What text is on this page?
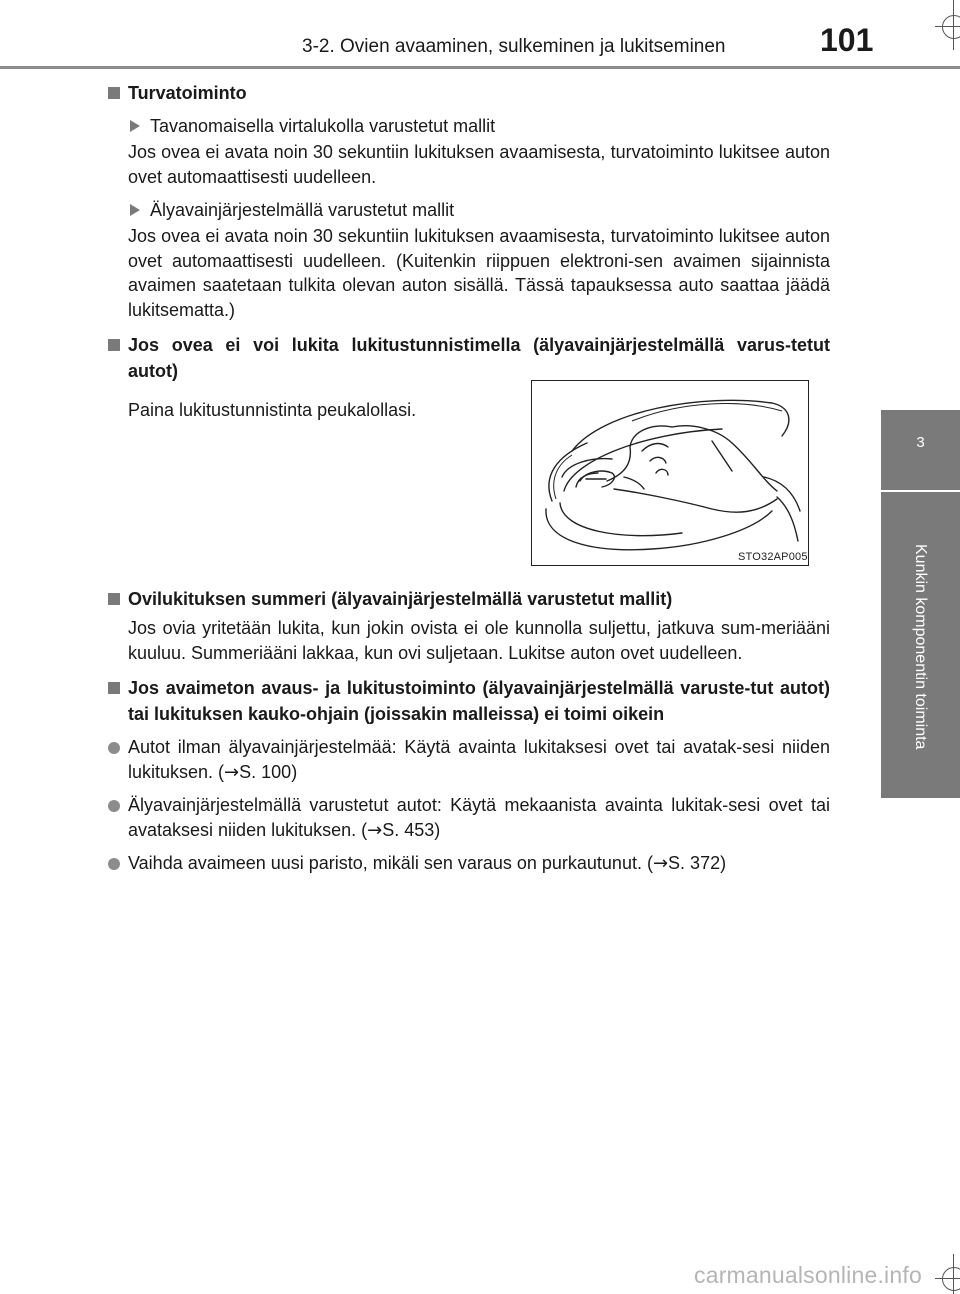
3-2. Ovien avaaminen, sulkeminen ja lukitseminen	101
3
Kunkin komponentin toiminta

Turvatoiminto

Tavanomaisella virtalukolla varustetut mallit

Jos ovea ei avata noin 30 sekuntiin lukituksen avaamisesta, turvatoiminto lukitsee auton ovet automaattisesti uudelleen.

Älyavainjärjestelmällä varustetut mallit

Jos ovea ei avata noin 30 sekuntiin lukituksen avaamisesta, turvatoiminto lukitsee auton ovet automaattisesti uudelleen. (Kuitenkin riippuen elektroni-sen avaimen sijainnista avaimen saatetaan tulkita olevan auton sisällä. Tässä tapauksessa auto saattaa jäädä lukitsematta.)

Jos ovea ei voi lukita lukitustunnistimella (älyavainjärjestelmällä varus-tetut autot)

Paina lukitustunnistinta peukalollasi.

STO32AP005

Ovilukituksen summeri (älyavainjärjestelmällä varustetut mallit)

Jos ovia yritetään lukita, kun jokin ovista ei ole kunnolla suljettu, jatkuva sum-meriääni kuuluu. Summeriääni lakkaa, kun ovi suljetaan. Lukitse auton ovet uudelleen.

Jos avaimeton avaus- ja lukitustoiminto (älyavainjärjestelmällä varuste-tut autot) tai lukituksen kauko-ohjain (joissakin malleissa) ei toimi oikein

Autot ilman älyavainjärjestelmää: Käytä avainta lukitaksesi ovet tai avatak-sesi niiden lukituksen. (→S. 100)

Älyavainjärjestelmällä varustetut autot: Käytä mekaanista avainta lukitak-sesi ovet tai avataksesi niiden lukituksen. (→S. 453)

Vaihda avaimeen uusi paristo, mikäli sen varaus on purkautunut. (→S. 372)

carmanualsonline.info
